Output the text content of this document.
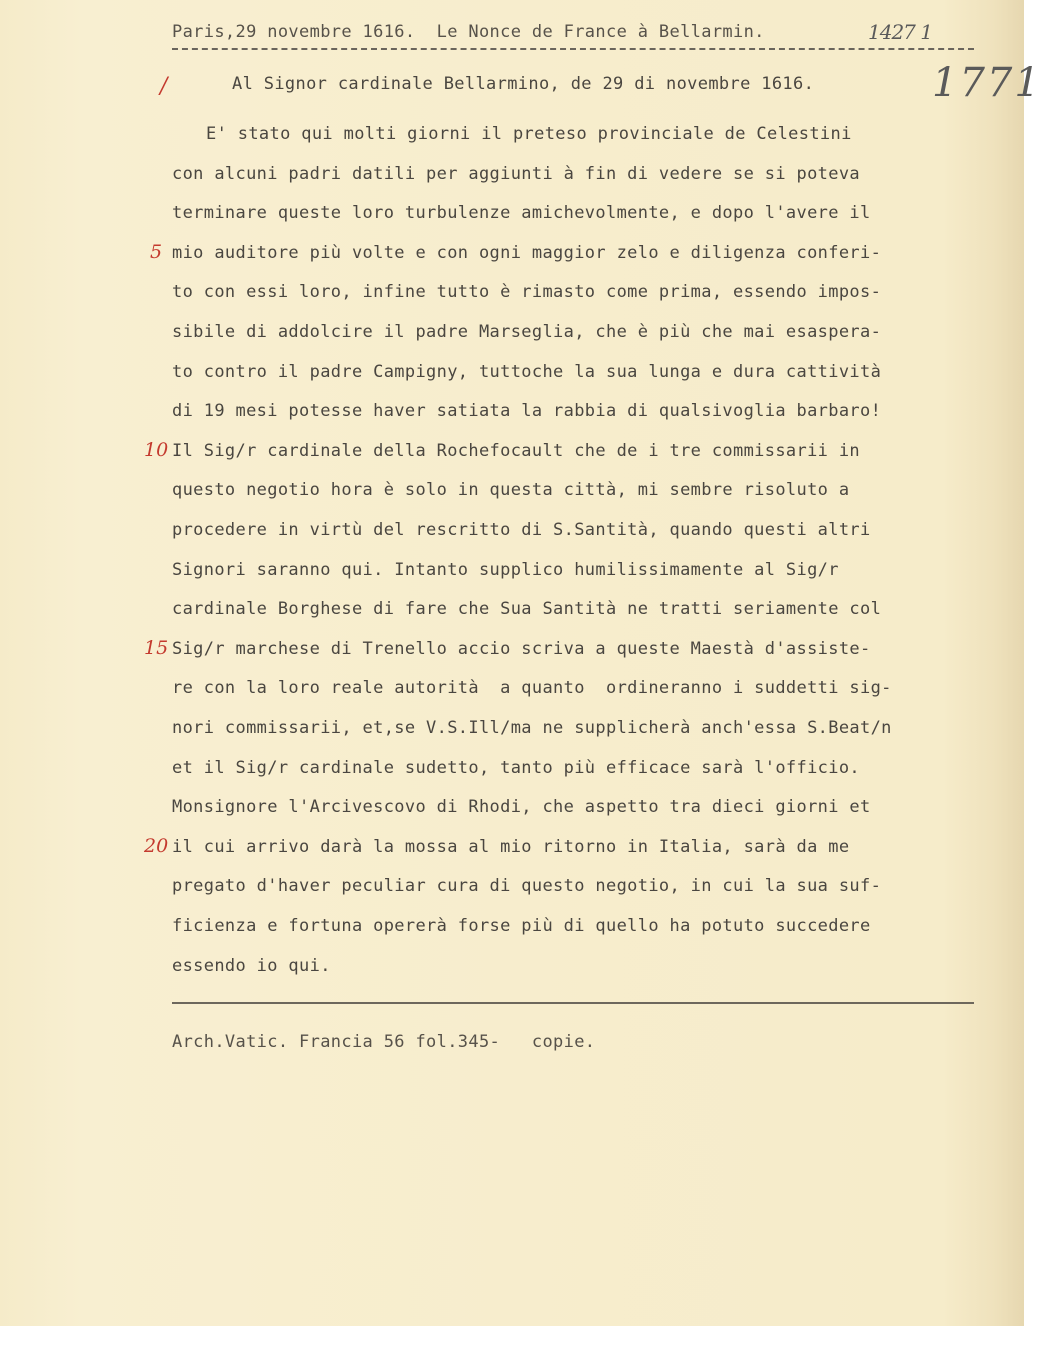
Paris,29 novembre 1616.  Le Nonce de France à Bellarmin.	1427 1
/	Al Signor cardinale Bellarmino, de 29 di novembre 1616.	1771
E' stato qui molti giorni il preteso provinciale de Celestini
con alcuni padri datili per aggiunti à fin di vedere se si poteva
terminare queste loro turbulenze amichevolmente, e dopo l'avere il
mio auditore più volte e con ogni maggior zelo e diligenza conferi-
to con essi loro, infine tutto è rimasto come prima, essendo impos-
sibile di addolcire il padre Marseglia, che è più che mai esaspera-
to contro il padre Campigny, tuttoche la sua lunga e dura cattività
di 19 mesi potesse haver satiata la rabbia di qualsivoglia barbaro!
Il Sig/r cardinale della Rochefocault che de i tre commissarii in
questo negotio hora è solo in questa città, mi sembre risoluto a
procedere in virtù del rescritto di S.Santità, quando questi altri
Signori saranno qui. Intanto supplico humilissimamente al Sig/r
cardinale Borghese di fare che Sua Santità ne tratti seriamente col
Sig/r marchese di Trenello accio scriva a queste Maestà d'assiste-
re con la loro reale autorità  a quanto  ordineranno i suddetti sig-
nori commissarii, et,se V.S.Ill/ma ne supplicherà anch'essa S.Beat/n
et il Sig/r cardinale sudetto, tanto più efficace sarà l'officio.
Monsignore l'Arcivescovo di Rhodi, che aspetto tra dieci giorni et
il cui arrivo darà la mossa al mio ritorno in Italia, sarà da me
pregato d'haver peculiar cura di questo negotio, in cui la sua suf-
ficienza e fortuna opererà forse più di quello ha potuto succedere
essendo io qui.
5
10
15
20
Arch.Vatic. Francia 56 fol.345-   copie.
